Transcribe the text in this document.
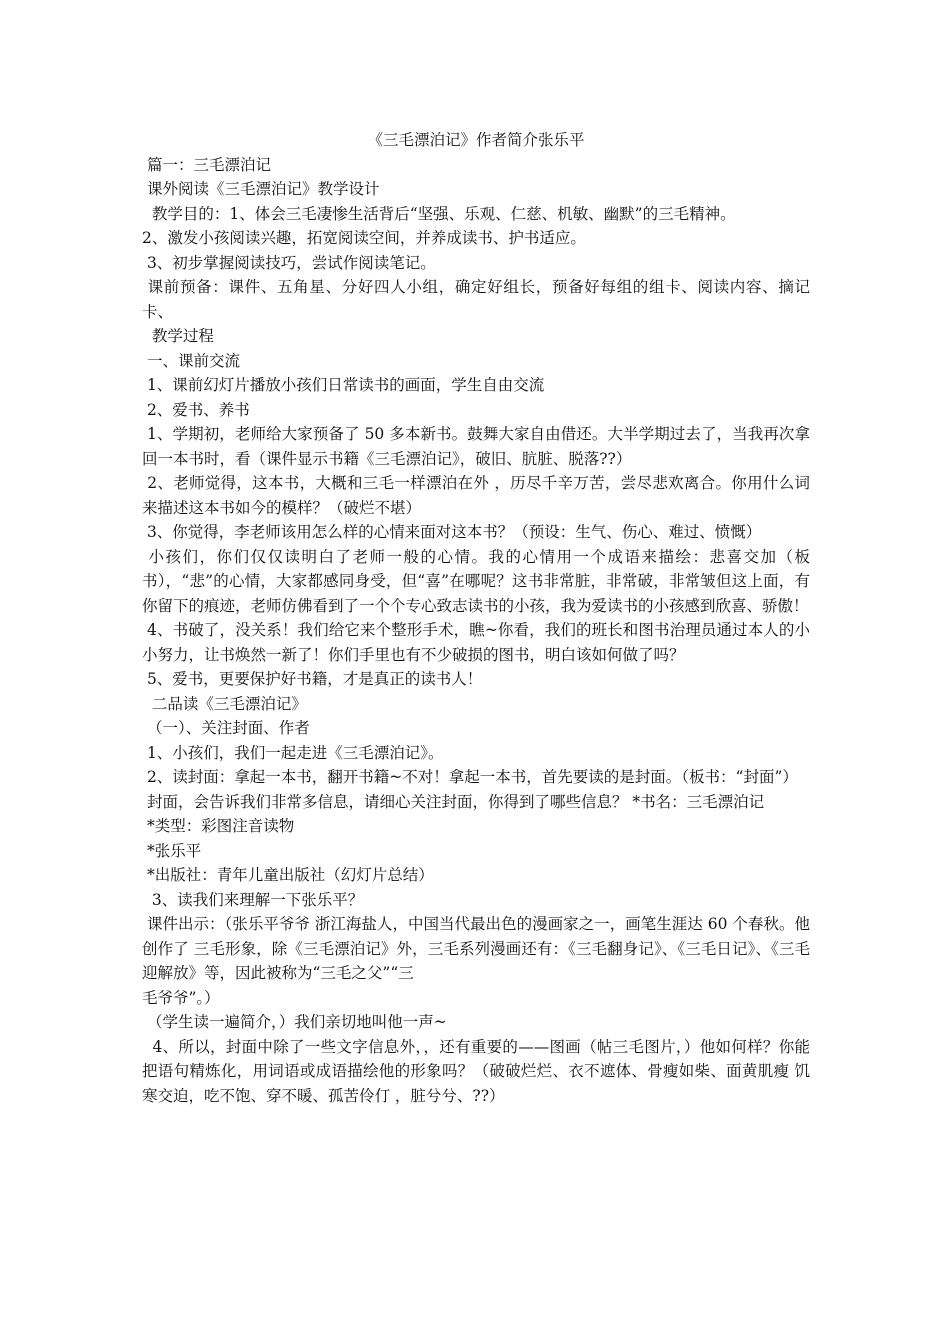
《三毛漂泊记》作者简介张乐平

篇一：三毛漂泊记

课外阅读《三毛漂泊记》教学设计

教学目的：1、体会三毛凄惨生活背后“坚强、乐观、仁慈、机敏、幽默”的三毛精神。

2、激发小孩阅读兴趣，拓宽阅读空间，并养成读书、护书适应。

3、初步掌握阅读技巧，尝试作阅读笔记。

课前预备：课件、五角星、分好四人小组，确定好组长，预备好每组的组卡、阅读内容、摘记卡、

教学过程

一、课前交流

1、课前幻灯片播放小孩们日常读书的画面，学生自由交流

2、爱书、养书

1、学期初，老师给大家预备了 50 多本新书。鼓舞大家自由借还。大半学期过去了，当我再次拿回一本书时，看（课件显示书籍《三毛漂泊记》，破旧、肮脏、脱落??）

2、老师觉得，这本书，大概和三毛一样漂泊在外 ，历尽千辛万苦，尝尽悲欢离合。你用什么词来描述这本书如今的模样？（破烂不堪）

3、你觉得，李老师该用怎么样的心情来面对这本书？（预设：生气、伤心、难过、愤慨）

小孩们，你们仅仅读明白了老师一般的心情。我的心情用一个成语来描绘：悲喜交加（板书），“悲”的心情，大家都感同身受，但“喜”在哪呢？这书非常脏，非常破，非常皱但这上面，有你留下的痕迹，老师仿佛看到了一个个专心致志读书的小孩，我为爱读书的小孩感到欣喜、骄傲！

4、书破了，没关系！我们给它来个整形手术，瞧~你看，我们的班长和图书治理员通过本人的小小努力，让书焕然一新了！你们手里也有不少破损的图书，明白该如何做了吗？

5、爱书，更要保护好书籍，才是真正的读书人！

二品读《三毛漂泊记》

（一）、关注封面、作者

1、小孩们，我们一起走进《三毛漂泊记》。

2、读封面：拿起一本书，翻开书籍~不对！拿起一本书，首先要读的是封面。（板书：“封面”）

封面，会告诉我们非常多信息，请细心关注封面，你得到了哪些信息？ *书名：三毛漂泊记

*类型：彩图注音读物

*张乐平

*出版社：青年儿童出版社（幻灯片总结）

3、读我们来理解一下张乐平？

课件出示：（张乐平爷爷 浙江海盐人，中国当代最出色的漫画家之一，画笔生涯达 60 个春秋。他创作了 三毛形象，除《三毛漂泊记》外，三毛系列漫画还有：《三毛翻身记》、《三毛日记》、《三毛迎解放》等，因此被称为“三毛之父”“三

毛爷爷”。）

（学生读一遍简介，）我们亲切地叫他一声~

4、所以，封面中除了一些文字信息外，，还有重要的——图画（帖三毛图片，）他如何样？你能把语句精炼化，用词语或成语描绘他的形象吗？（破破烂烂、衣不遮体、骨瘦如柴、面黄肌瘦 饥寒交迫，吃不饱、穿不暖、孤苦伶仃 ，脏兮兮、??）
